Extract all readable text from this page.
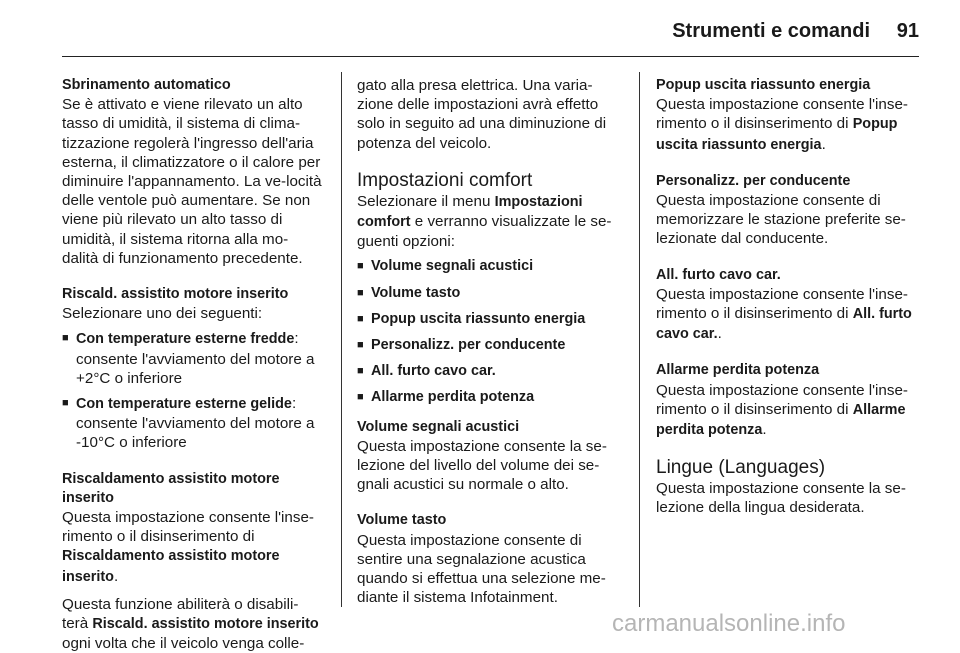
Strumenti e comandi 91
Sbrinamento automatico
Se è attivato e viene rilevato un alto tasso di umidità, il sistema di clima-tizzazione regolerà l'ingresso dell'aria esterna, il climatizzatore o il calore per diminuire l'appannamento. La ve-locità delle ventole può aumentare. Se non viene più rilevato un alto tasso di umidità, il sistema ritorna alla mo-dalità di funzionamento precedente.
Riscald. assistito motore inserito
Selezionare uno dei seguenti:
■ Con temperature esterne fredde: consente l'avviamento del motore a +2°C o inferiore
■ Con temperature esterne gelide: consente l'avviamento del motore a -10°C o inferiore
Riscaldamento assistito motore inserito
Questa impostazione consente l'inse-rimento o il disinserimento di Riscaldamento assistito motore inserito.
Questa funzione abiliterà o disabili-terà Riscald. assistito motore inserito ogni volta che il veicolo venga colle-
gato alla presa elettrica. Una varia-zione delle impostazioni avrà effetto solo in seguito ad una diminuzione di potenza del veicolo.
Impostazioni comfort
Selezionare il menu Impostazioni comfort e verranno visualizzate le se-guenti opzioni:
■ Volume segnali acustici
■ Volume tasto
■ Popup uscita riassunto energia
■ Personalizz. per conducente
■ All. furto cavo car.
■ Allarme perdita potenza
Volume segnali acustici
Questa impostazione consente la se-lezione del livello del volume dei se-gnali acustici su normale o alto.
Volume tasto
Questa impostazione consente di sentire una segnalazione acustica quando si effettua una selezione me-diante il sistema Infotainment.
Popup uscita riassunto energia
Questa impostazione consente l'inse-rimento o il disinserimento di Popup uscita riassunto energia.
Personalizz. per conducente
Questa impostazione consente di memorizzare le stazione preferite se-lezionate dal conducente.
All. furto cavo car.
Questa impostazione consente l'inse-rimento o il disinserimento di All. furto cavo car..
Allarme perdita potenza
Questa impostazione consente l'inse-rimento o il disinserimento di Allarme perdita potenza.
Lingue (Languages)
Questa impostazione consente la se-lezione della lingua desiderata.
carmanualsonline.info
